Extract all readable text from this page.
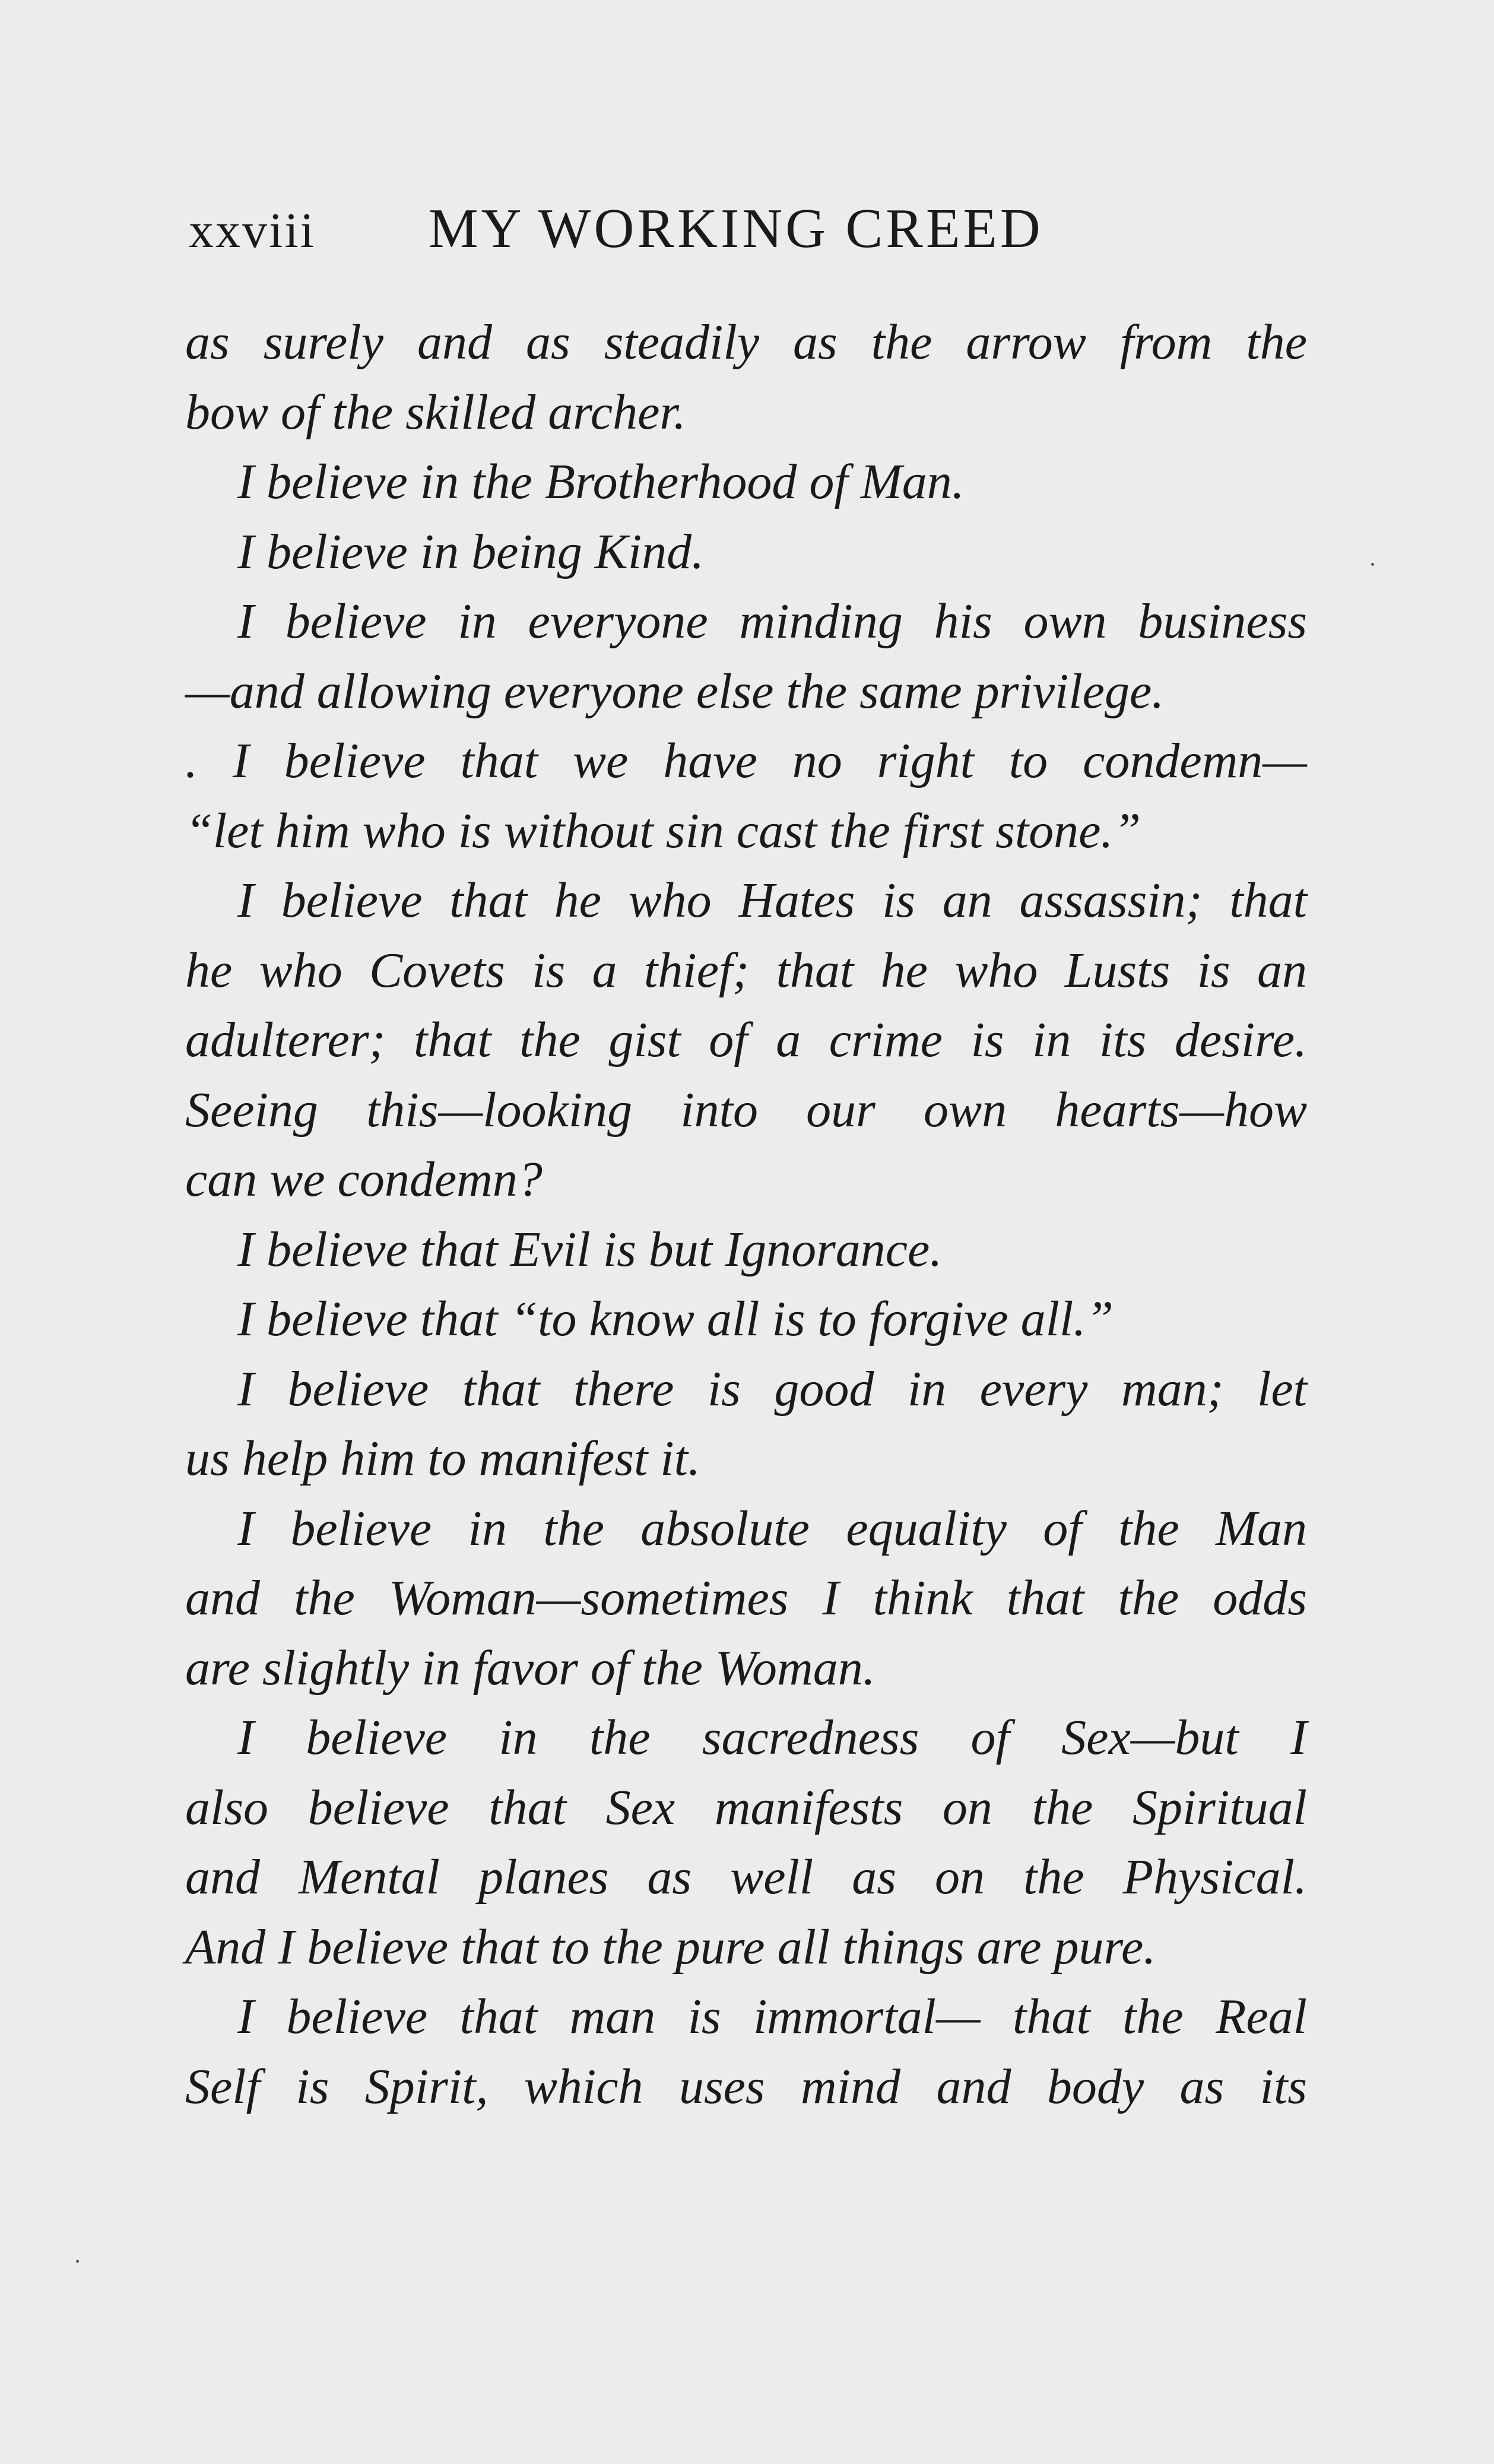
xxviii MY WORKING CREED
as surely and as steadily as the arrow from the
bow of the skilled archer.
I believe in the Brotherhood of Man.
I believe in being Kind.
I believe in everyone minding his own business
—and allowing everyone else the same privilege.
. I believe that we have no right to condemn—
“let him who is without sin cast the first stone.”
I believe that he who Hates is an assassin; that
he who Covets is a thief; that he who Lusts is an
adulterer; that the gist of a crime is in its desire.
Seeing this—looking into our own hearts—how
can we condemn?
I believe that Evil is but Ignorance.
I believe that “to know all is to forgive all.”
I believe that there is good in every man; let
us help him to manifest it.
I believe in the absolute equality of the Man
and the Woman—sometimes I think that the odds
are slightly in favor of the Woman.
I believe in the sacredness of Sex—but I
also believe that Sex manifests on the Spiritual
and Mental planes as well as on the Physical.
And I believe that to the pure all things are pure.
I believe that man is immortal— that the Real
Self is Spirit, which uses mind and body as its
